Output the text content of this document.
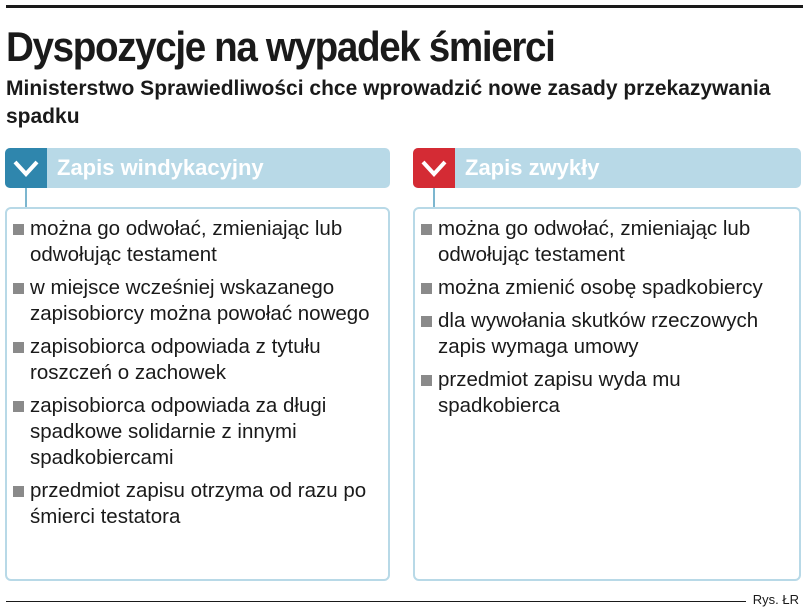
Dyspozycje na wypadek śmierci

Ministerstwo Sprawiedliwości chce wprowadzić nowe zasady przekazywania spadku

Zapis windykacyjny
można go odwołać, zmieniając lub odwołując testament
w miejsce wcześniej wskazanego zapisobiorcy można powołać nowego
zapisobiorca odpowiada z tytułu roszczeń o zachowek
zapisobiorca odpowiada za długi spadkowe solidarnie z innymi spadkobiercami
przedmiot zapisu otrzyma od razu po śmierci testatora
Zapis zwykły
można go odwołać, zmieniając lub odwołując testament
można zmienić osobę spadkobiercy
dla wywołania skutków rzeczowych zapis wymaga umowy
przedmiot zapisu wyda mu spadkobierca
Rys. ŁR
